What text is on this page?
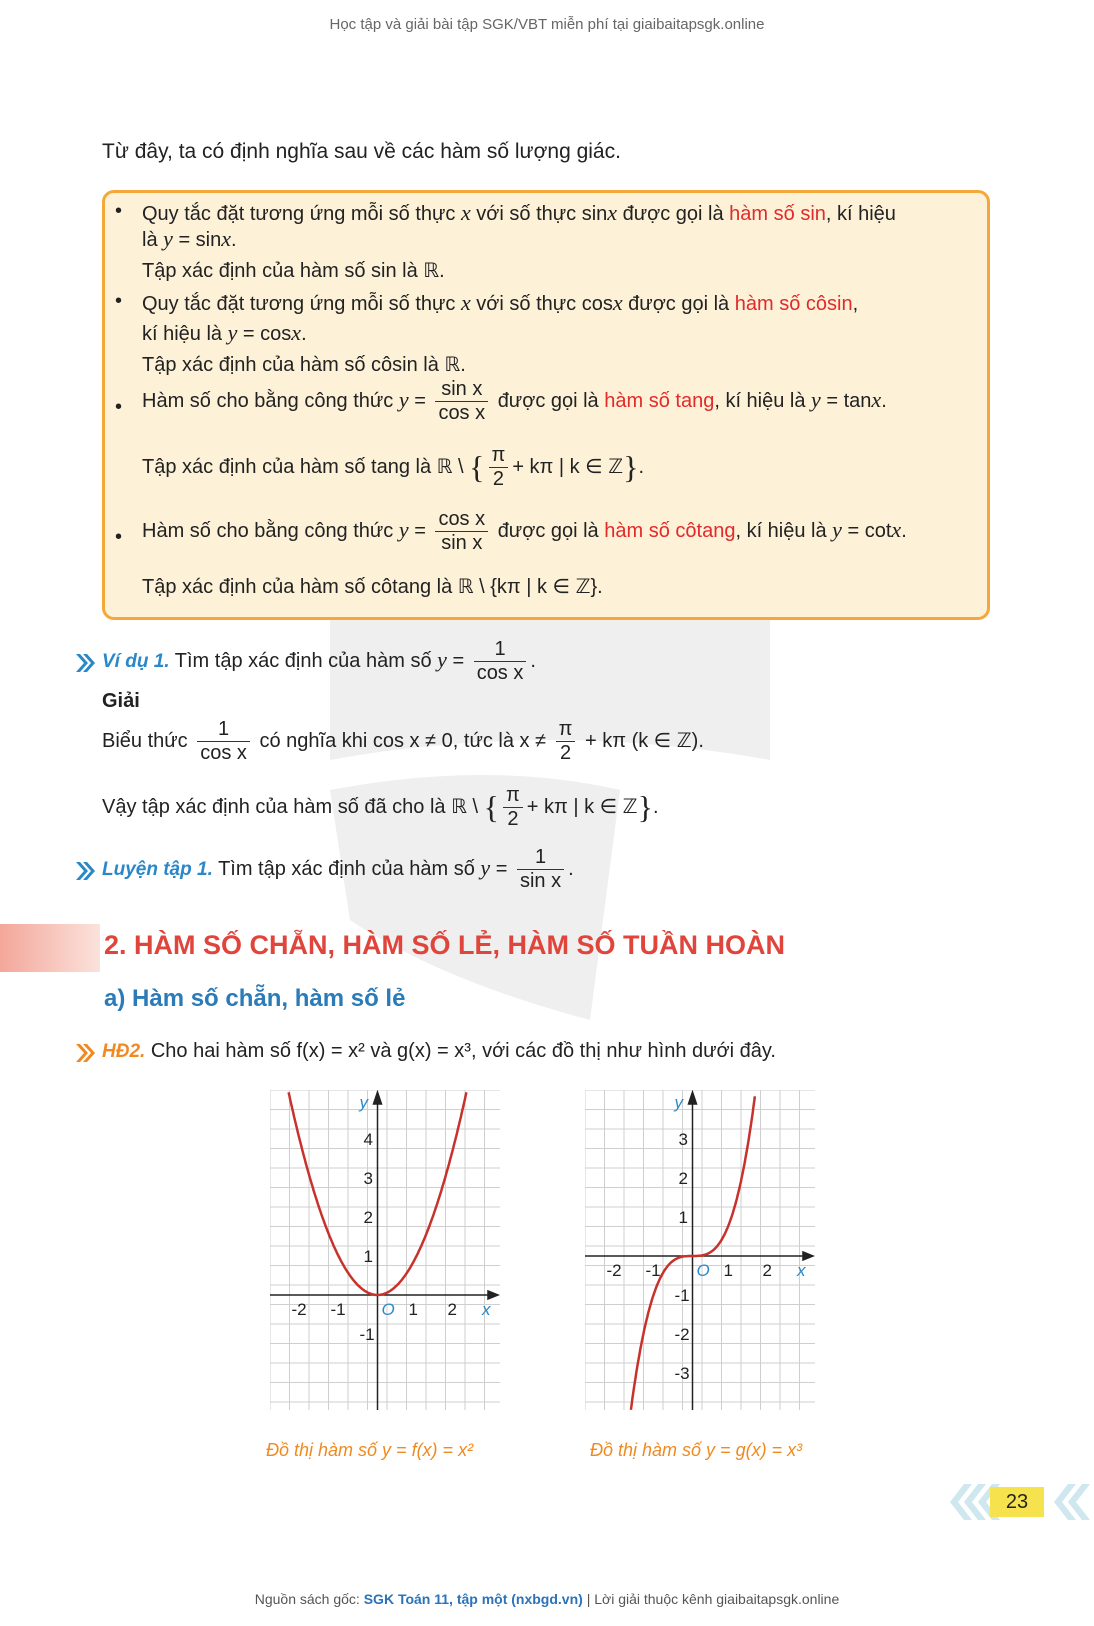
Học tập và giải bài tập SGK/VBT miễn phí tại giaibaitapsgk.online
Từ đây, ta có định nghĩa sau về các hàm số lượng giác.
• Quy tắc đặt tương ứng mỗi số thực x với số thực sinx được gọi là hàm số sin, kí hiệu
là y = sinx.
Tập xác định của hàm số sin là ℝ.
• Quy tắc đặt tương ứng mỗi số thực x với số thực cosx được gọi là hàm số côsin,
kí hiệu là y = cosx.
Tập xác định của hàm số côsin là ℝ.
• Hàm số cho bằng công thức $y = \frac{\text{sin x}}{\text{cos x}}$ được gọi là hàm số tang, kí hiệu là y = tanx.
Tập xác định của hàm số tang là ℝ \ { $\frac{\pi}{2} + k\pi$ | k ∈ ℤ}.
• Hàm số cho bằng công thức $y = \frac{\text{cos x}}{\text{sin x}}$ được gọi là hàm số côtang, kí hiệu là y = cotx.
Tập xác định của hàm số côtang là ℝ \ {kπ | k ∈ ℤ}.
Ví dụ 1. Tìm tập xác định của hàm số $y = \frac{1}{\text{cos x}}$ .
Giải
Biểu thức $\frac{1}{\text{cos x}}$ có nghĩa khi cos x ≠ 0, tức là $x \ne \frac{\pi}{2} + k\pi$ (k ∈ ℤ).
Vậy tập xác định của hàm số đã cho là ℝ \ { $\frac{\pi}{2} + k\pi$ | k ∈ ℤ}.
Luyện tập 1. Tìm tập xác định của hàm số $y = \frac{1}{\text{sin x}}$ .
2. HÀM SỐ CHẴN, HÀM SỐ LẺ, HÀM SỐ TUẦN HOÀN
a) Hàm số chẵn, hàm số lẻ
HĐ2. Cho hai hàm số f(x) = x² và g(x) = x³, với các đồ thị như hình dưới đây.
-2 -1	1 2
4
3
2
1
-1
O	x
y
Đồ thị hàm số y = f(x) = x²
-2 -1	1 2
3
2
1
-1
-2
-3
O	x
y
Đồ thị hàm số y = g(x) = x³
23
Nguồn sách gốc: SGK Toán 11, tập một (nxbgd.vn) | Lời giải thuộc kênh giaibaitapsgk.online
